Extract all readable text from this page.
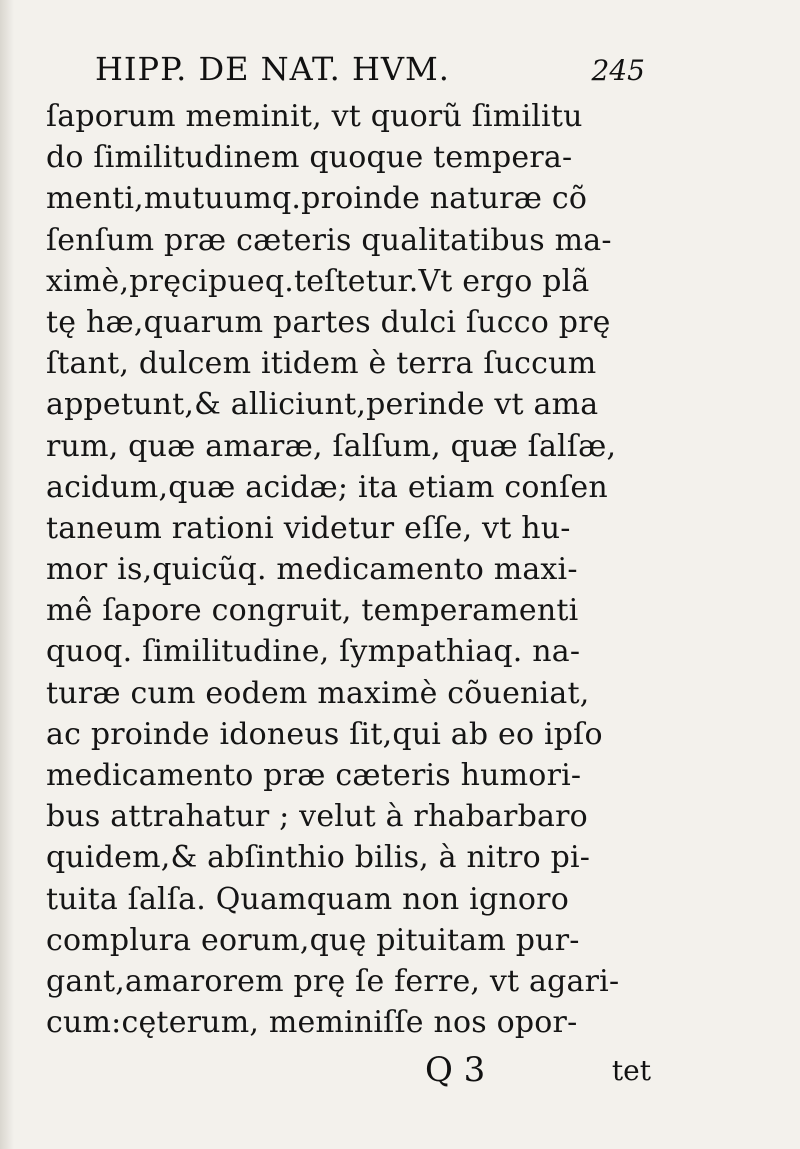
HIPP. DE NAT. HVM.	245
ſaporum meminit, vt quorũ ſimilitu
do ſimilitudinem quoque tempera-
menti,mutuumq.proinde naturæ cõ
ſenſum præ cæteris qualitatibus ma-
ximè,pręcipueq.teſtetur.Vt ergo plã
tę hæ,quarum partes dulci ſucco prę
ſtant, dulcem itidem è terra ſuccum
appetunt,& alliciunt,perinde vt ama
rum, quæ amaræ, ſalſum, quæ ſalſæ,
acidum,quæ acidæ; ita etiam conſen
taneum rationi videtur eſſe, vt hu-
mor is,quicũq. medicamento maxi-
mê ſapore congruit, temperamenti
quoq. ſimilitudine, ſympathiaq. na-
turæ cum eodem maximè cõueniat,
ac proinde idoneus ſit,qui ab eo ipſo
medicamento præ cæteris humori-
bus attrahatur ; velut à rhabarbaro
quidem,& abſinthio bilis, à nitro pi-
tuita ſalſa. Quamquam non ignoro
complura eorum,quę pituitam pur-
gant,amarorem prę ſe ferre, vt agari-
cum:cęterum, meminiſſe nos opor-
Q 3	tet
